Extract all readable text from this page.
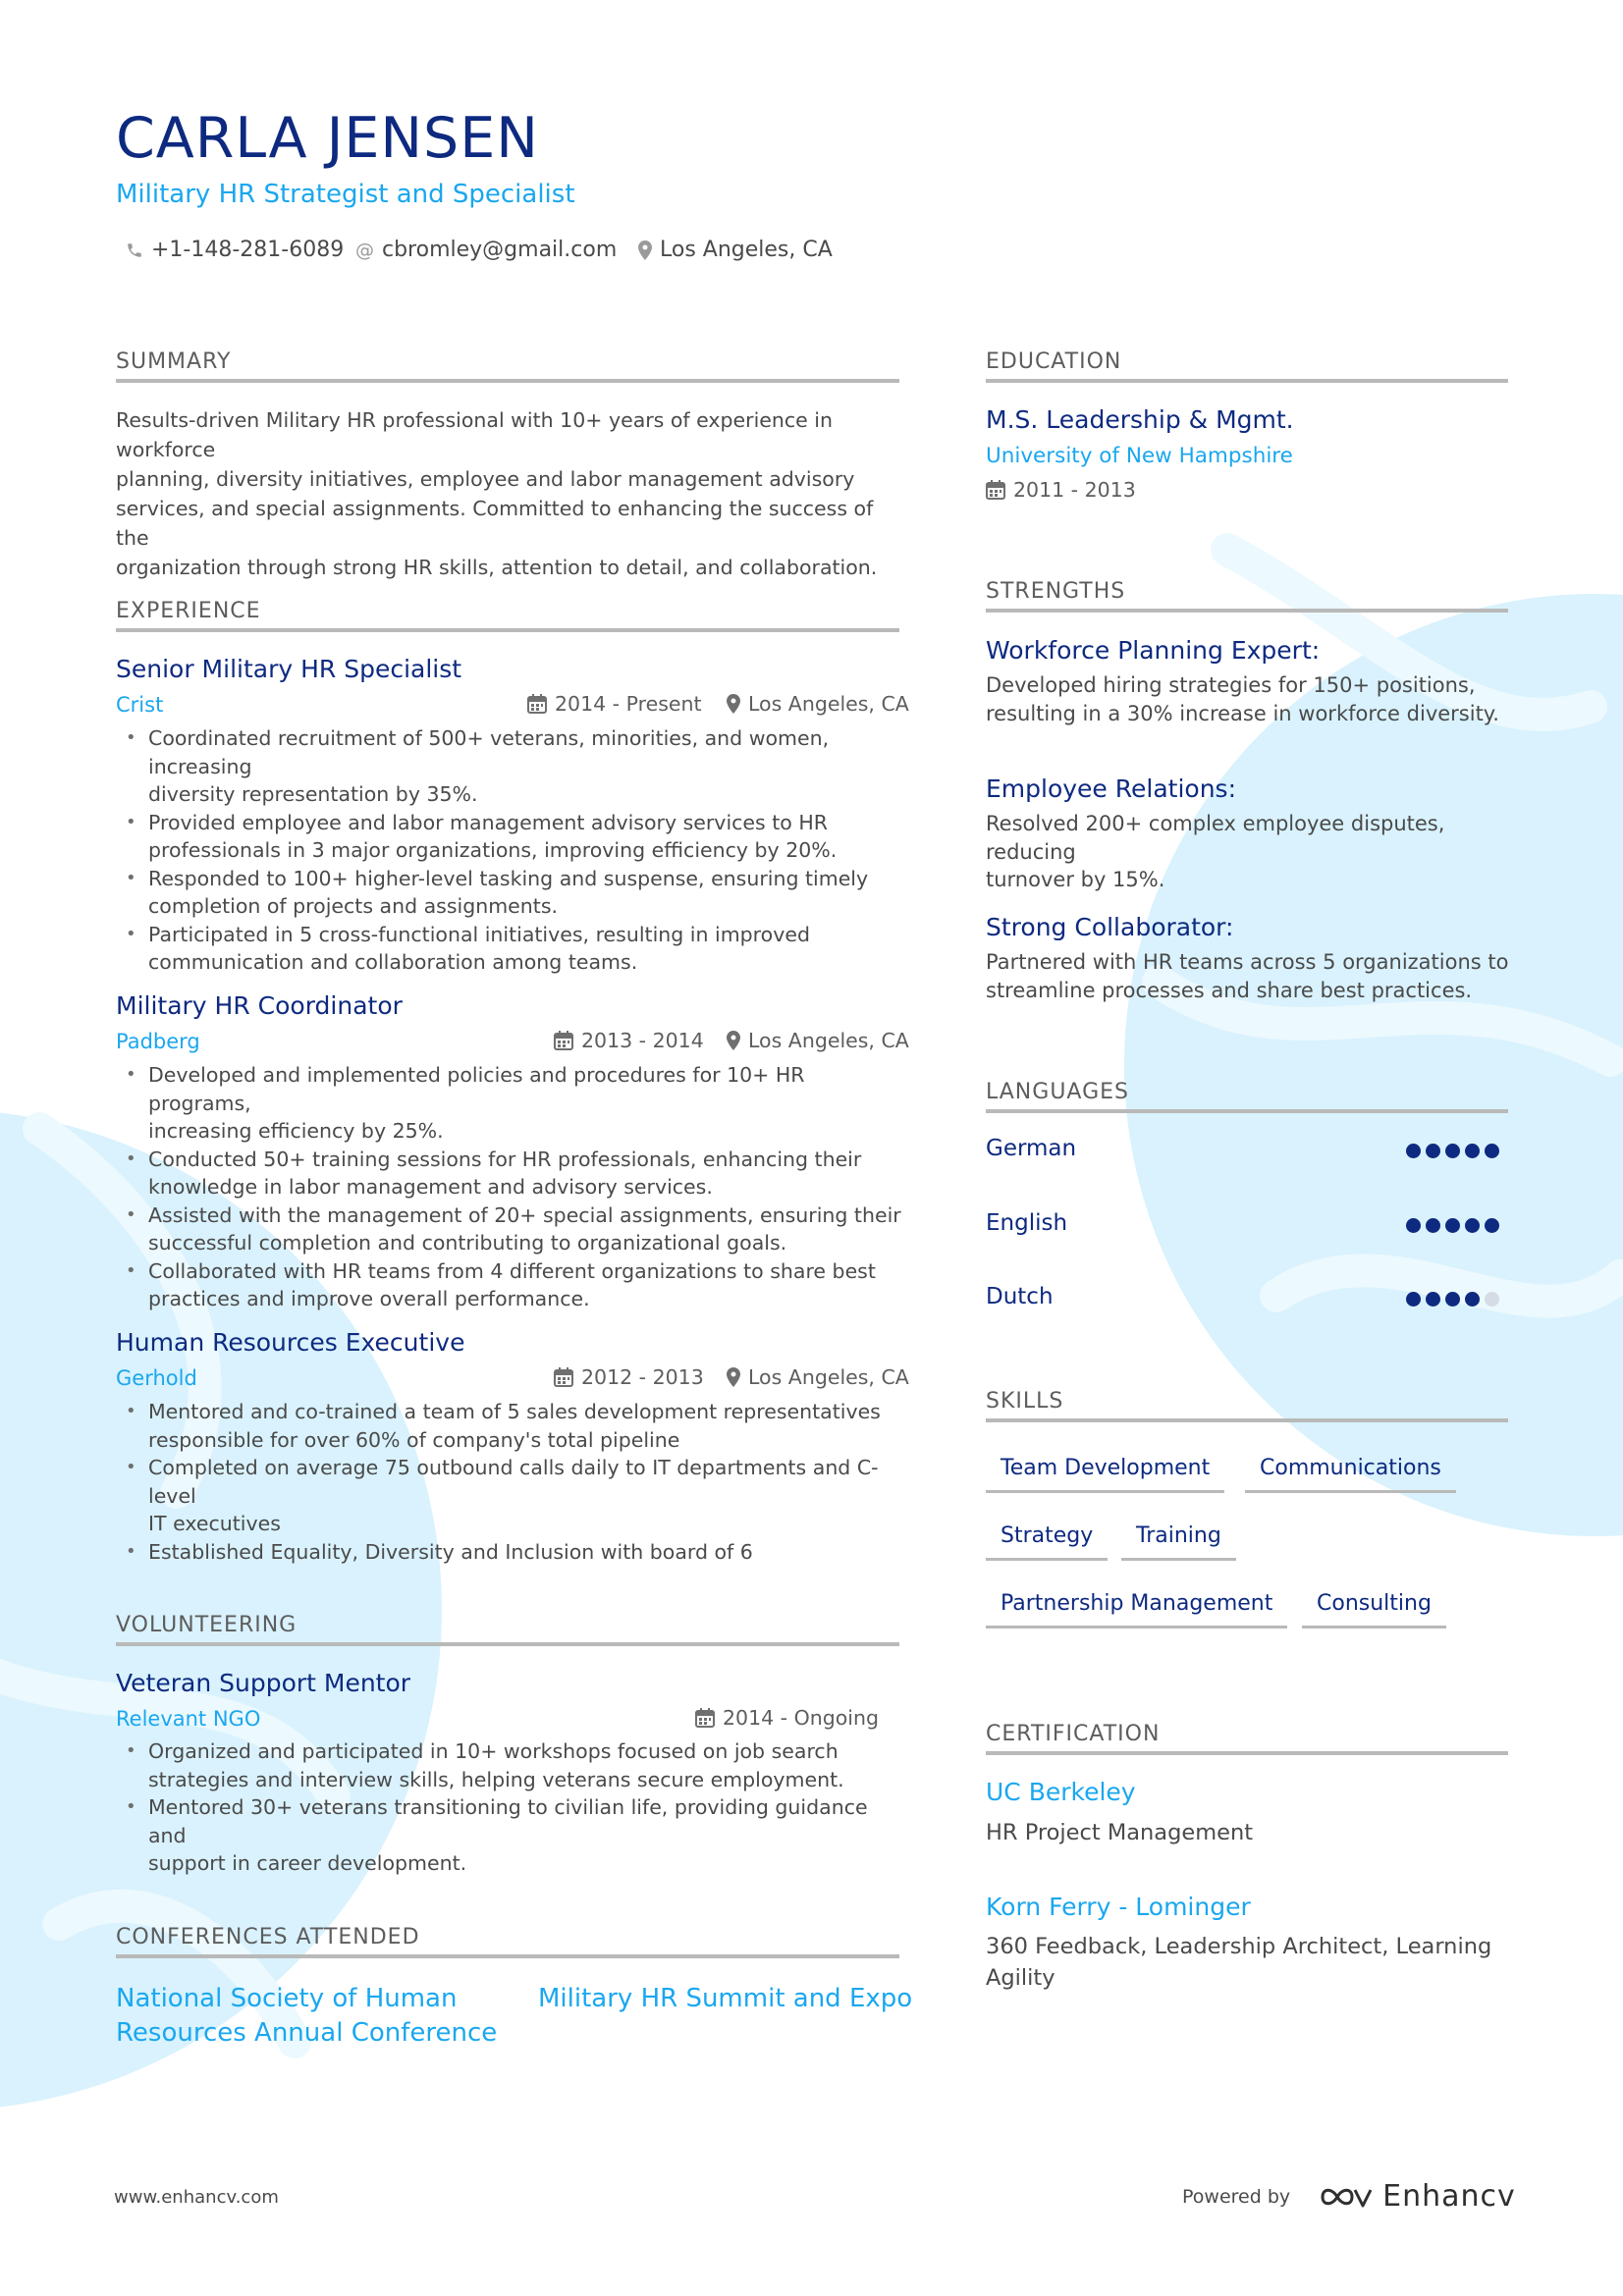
CARLA JENSEN
Military HR Strategist and Specialist
+1-148-281-6089 @ cbromley@gmail.com Los Angeles, CA
SUMMARY
Results-driven Military HR professional with 10+ years of experience in workforce
planning, diversity initiatives, employee and labor management advisory
services, and special assignments. Committed to enhancing the success of the
organization through strong HR skills, attention to detail, and collaboration.
EXPERIENCE
Senior Military HR Specialist
Crist	2014 - Present Los Angeles, CA
• Coordinated recruitment of 500+ veterans, minorities, and women, increasing
diversity representation by 35%.
• Provided employee and labor management advisory services to HR
professionals in 3 major organizations, improving efficiency by 20%.
• Responded to 100+ higher-level tasking and suspense, ensuring timely
completion of projects and assignments.
• Participated in 5 cross-functional initiatives, resulting in improved
communication and collaboration among teams.
Military HR Coordinator
Padberg	2013 - 2014 Los Angeles, CA
• Developed and implemented policies and procedures for 10+ HR programs,
increasing efficiency by 25%.
• Conducted 50+ training sessions for HR professionals, enhancing their
knowledge in labor management and advisory services.
• Assisted with the management of 20+ special assignments, ensuring their
successful completion and contributing to organizational goals.
• Collaborated with HR teams from 4 different organizations to share best
practices and improve overall performance.
Human Resources Executive
Gerhold	2012 - 2013 Los Angeles, CA
• Mentored and co-trained a team of 5 sales development representatives
responsible for over 60% of company's total pipeline
• Completed on average 75 outbound calls daily to IT departments and C-level
IT executives
• Established Equality, Diversity and Inclusion with board of 6
VOLUNTEERING
Veteran Support Mentor
Relevant NGO	2014 - Ongoing
• Organized and participated in 10+ workshops focused on job search
strategies and interview skills, helping veterans secure employment.
• Mentored 30+ veterans transitioning to civilian life, providing guidance and
support in career development.
CONFERENCES ATTENDED
National Society of Human
Resources Annual Conference
Military HR Summit and Expo
EDUCATION
M.S. Leadership & Mgmt.
University of New Hampshire
2011 - 2013
STRENGTHS
Workforce Planning Expert:
Developed hiring strategies for 150+ positions,
resulting in a 30% increase in workforce diversity.
Employee Relations:
Resolved 200+ complex employee disputes, reducing
turnover by 15%.
Strong Collaborator:
Partnered with HR teams across 5 organizations to
streamline processes and share best practices.
LANGUAGES
German
English
Dutch
SKILLS
Team Development	Communications
Strategy	Training
Partnership Management	Consulting
CERTIFICATION
UC Berkeley
HR Project Management
Korn Ferry - Lominger
360 Feedback, Leadership Architect, Learning
Agility
www.enhancv.com	Powered by	Enhancv
